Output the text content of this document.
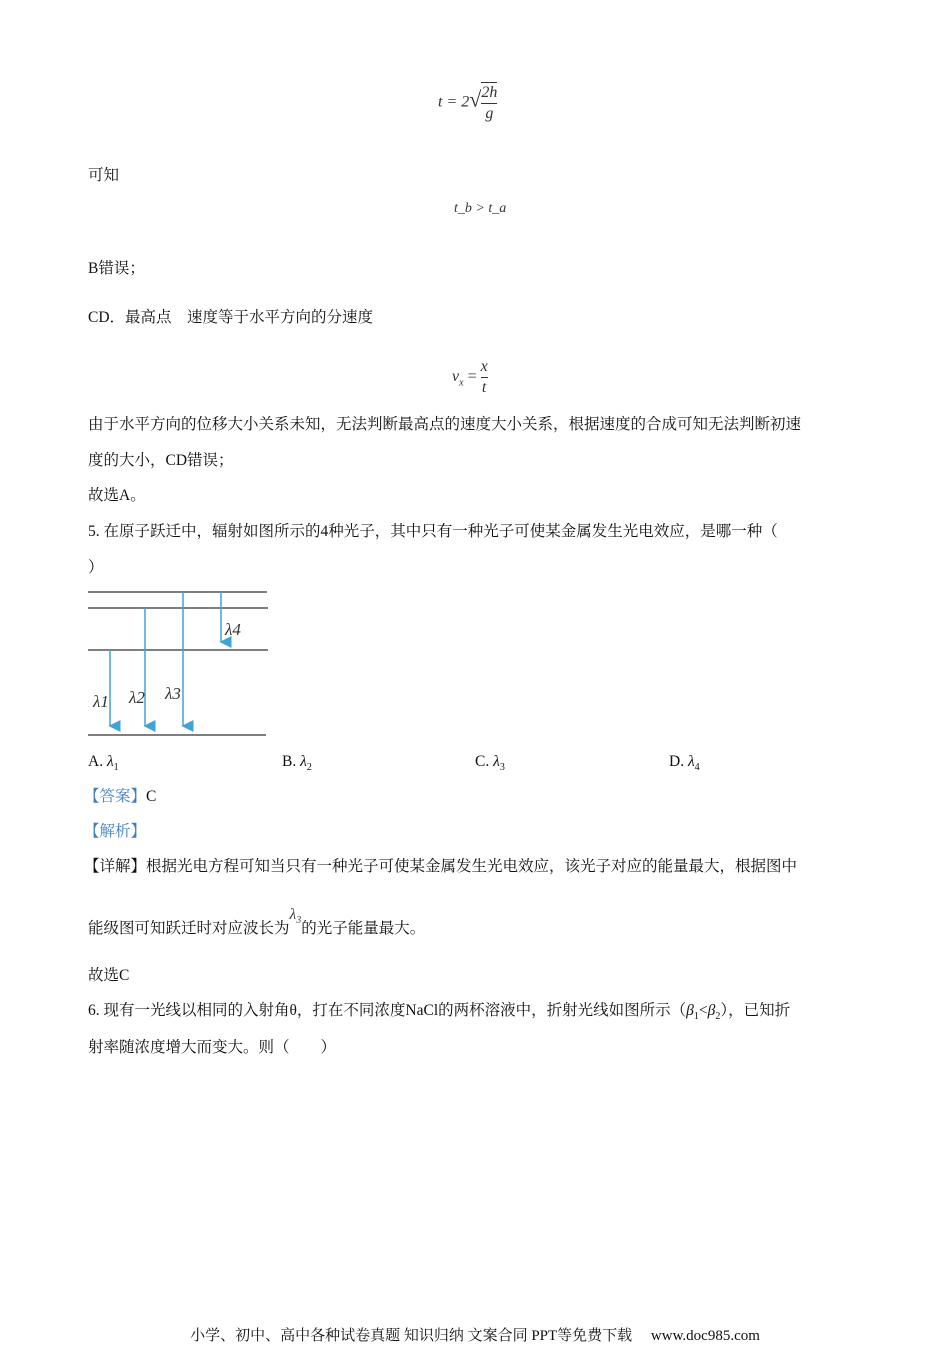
$t = 2√ \frac{2h}{g}$
可知
t_b > t_a
B错误；
CD．最高点　速度等于水平方向的分速度
$v_x = \frac{x}{t}$
由于水平方向的位移大小关系未知，无法判断最高点的速度大小关系，根据速度的合成可知无法判断初速
度的大小，CD错误；
故选A。
5. 在原子跃迁中，辐射如图所示的4种光子，其中只有一种光子可使某金属发生光电效应，是哪一种（
）
λ1 λ2 λ3
λ4
A. $\lambda_1$	B. $\lambda_2$	C. $\lambda_3$	D. $\lambda_4$
【答案】C
【解析】
【详解】根据光电方程可知当只有一种光子可使某金属发生光电效应，该光子对应的能量最大，根据图中
能级图可知跃迁时对应波长为$\lambda_3$的光子能量最大。
故选C
6. 现有一光线以相同的入射角θ，打在不同浓度NaCl的两杯溶液中，折射光线如图所示$(\beta_1<\beta_2)$，已知折
射率随浓度增大而变大。则（　　）
小学、初中、高中各种试卷真题 知识归纳 文案合同 PPT等免费下载　 www.doc985.com
